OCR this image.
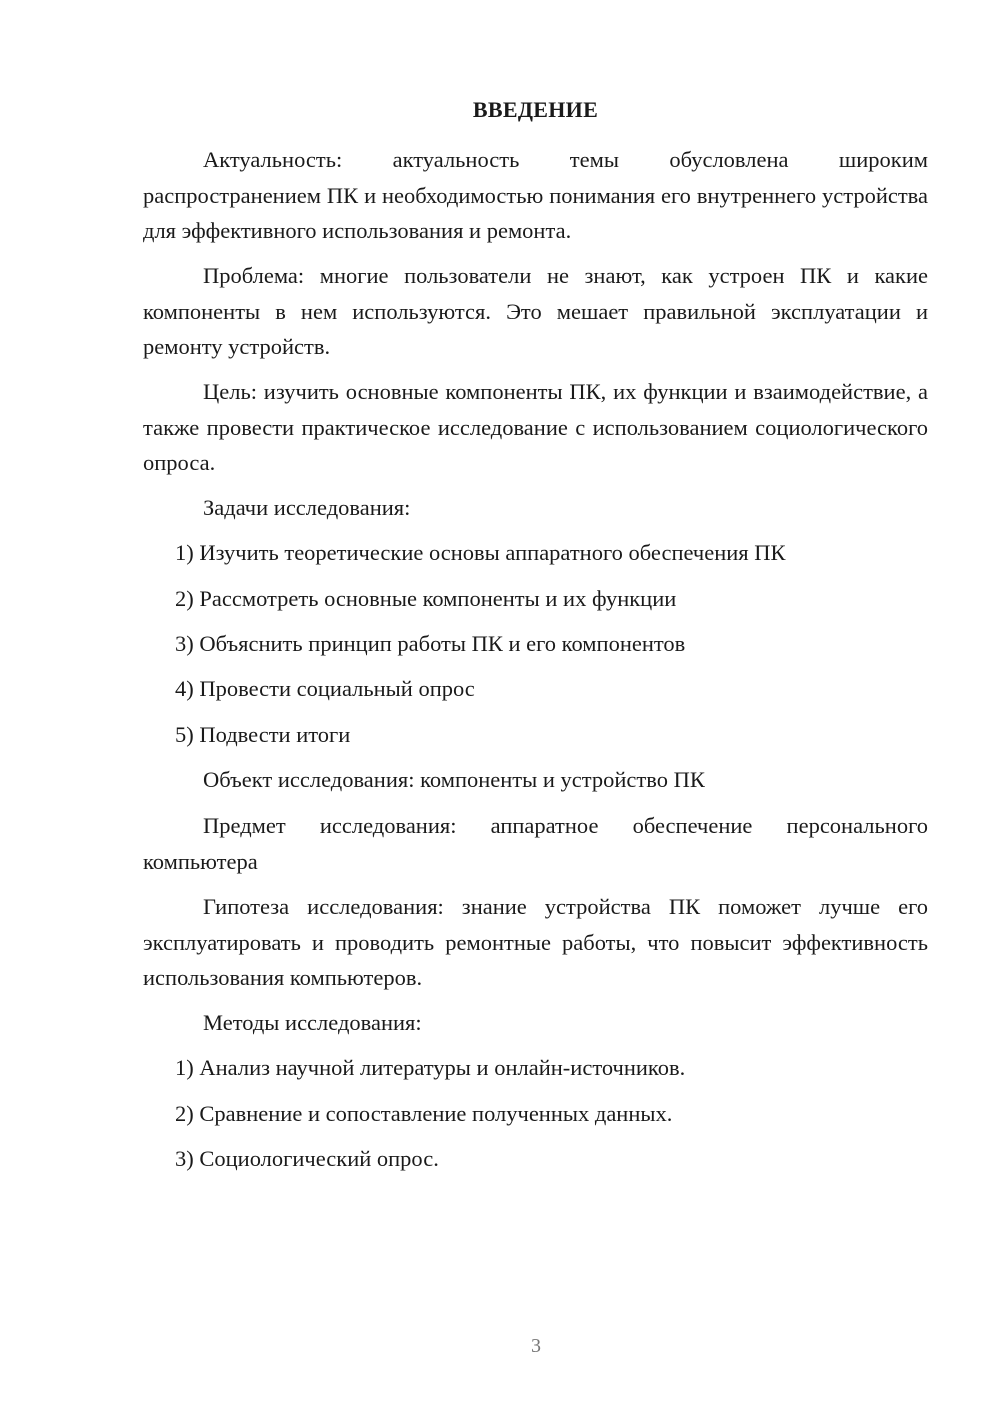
ВВЕДЕНИЕ

Актуальность: актуальность темы обусловлена широким распространением ПК и необходимостью понимания его внутреннего устройства для эффективного использования и ремонта.

Проблема: многие пользователи не знают, как устроен ПК и какие компоненты в нем используются. Это мешает правильной эксплуатации и ремонту устройств.

Цель: изучить основные компоненты ПК, их функции и взаимодействие, а также провести практическое исследование с использованием социологического опроса.

Задачи исследования:

1) Изучить теоретические основы аппаратного обеспечения ПК

2) Рассмотреть основные компоненты и их функции

3) Объяснить принцип работы ПК и его компонентов

4) Провести социальный опрос

5) Подвести итоги

Объект исследования: компоненты и устройство ПК

Предмет исследования: аппаратное обеспечение персонального компьютера

Гипотеза исследования: знание устройства ПК поможет лучше его эксплуатировать и проводить ремонтные работы, что повысит эффективность использования компьютеров.

Методы исследования:

1) Анализ научной литературы и онлайн-источников.

2) Сравнение и сопоставление полученных данных.

3) Социологический опрос.

3
